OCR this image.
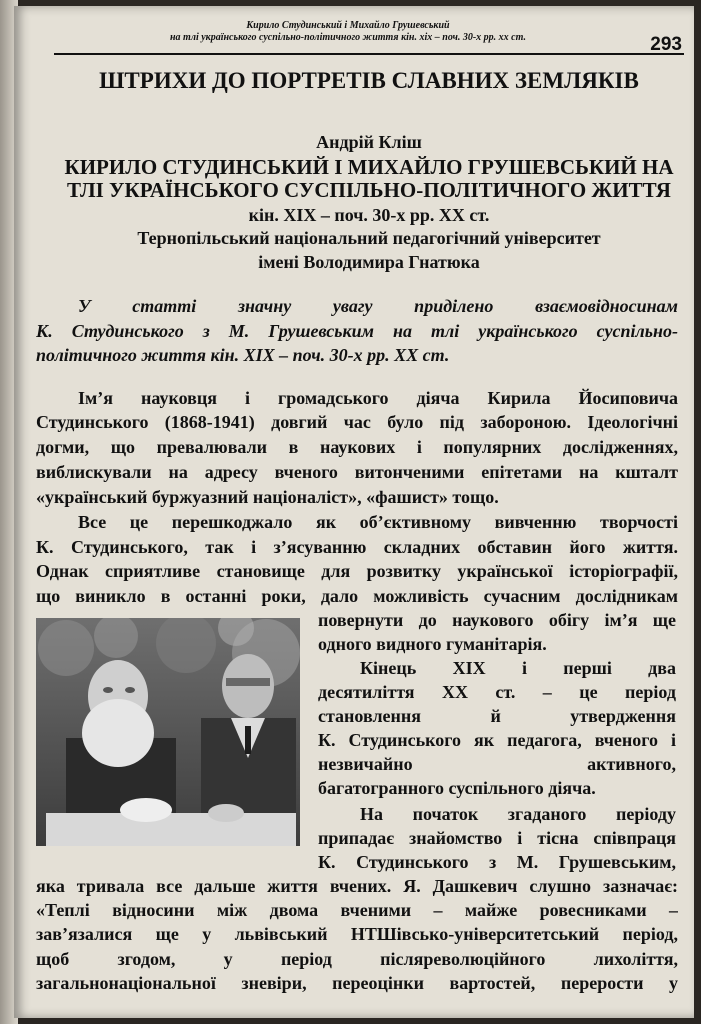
Кирило Студинський і Михайло Грушевський
на тлі українського суспільно-політичного життя кін. хіх – поч. 30-х рр. хх ст.	293
ШТРИХИ ДО ПОРТРЕТІВ СЛАВНИХ ЗЕМЛЯКІВ
Андрій Кліш
КИРИЛО СТУДИНСЬКИЙ І МИХАЙЛО ГРУШЕВСЬКИЙ НА
ТЛІ УКРАЇНСЬКОГО СУСПІЛЬНО-ПОЛІТИЧНОГО ЖИТТЯ
кін. XIX – поч. 30-х рр. XX ст.
Тернопільський національний педагогічний університет
імені Володимира Гнатюка
У статті значну увагу приділено взаємовідносинам
К. Студинського з М. Грушевським на тлі українського суспільно-
політичного життя кін. XIX – поч. 30-х рр. XX ст.
Ім’я науковця і громадського діяча Кирила Йосиповича
Студинського (1868-1941) довгий час було під забороною. Ідеологічні
догми, що превалювали в наукових і популярних дослідженнях,
виблискували на адресу вченого витонченими епітетами на кшталт
«український буржуазний націоналіст», «фашист» тощо.
Все це перешкоджало як об’єктивному вивченню творчості
К. Студинського, так і з’ясуванню складних обставин його життя.
Однак сприятливе становище для розвитку української історіографії,
що виникло в останні роки, дало можливість сучасним дослідникам
повернути до наукового обігу ім’я ще
одного видного гуманітарія.
Кінець XIX і перші два
десятиліття XX ст. – це період
становлення й утвердження
К. Студинського як педагога, вченого і
незвичайно активного,
багатогранного суспільного діяча.
На початок згаданого періоду
припадає знайомство і тісна співпраця
К. Студинського з М. Грушевським,
яка тривала все дальше життя вчених. Я. Дашкевич слушно зазначає:
«Теплі відносини між двома вченими – майже ровесниками –
зав’язалися ще у львівський НТШівсько-університетський період,
щоб згодом, у період післяреволюційного лихоліття,
загальнонаціональної зневіри, переоцінки вартостей, перерости у
